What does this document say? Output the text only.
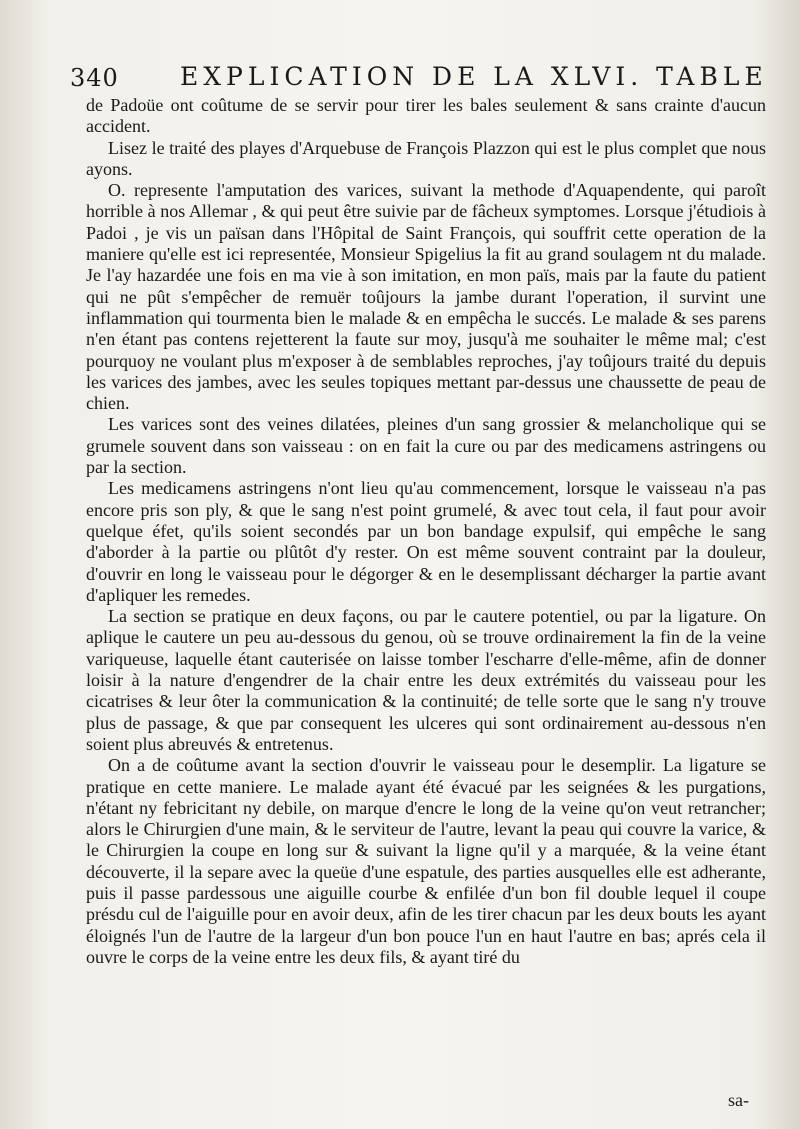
340 EXPLICATION DE LA XLVI. TABLE

de Padoüe ont coûtume de se servir pour tirer les bales seulement & sans crainte d'aucun accident.

Lisez le traité des playes d'Arquebuse de François Plazzon qui est le plus complet que nous ayons.

O. represente l'amputation des varices, suivant la methode d'Aquapendente, qui paroît horrible à nos Allemar , & qui peut être suivie par de fâcheux symptomes. Lorsque j'étudiois à Padoi , je vis un païsan dans l'Hôpital de Saint François, qui souffrit cette operation de la maniere qu'elle est ici representée, Monsieur Spigelius la fit au grand soulagem nt du malade. Je l'ay hazardée une fois en ma vie à son imitation, en mon païs, mais par la faute du patient qui ne pût s'empêcher de remuër toûjours la jambe durant l'operation, il survint une inflammation qui tourmenta bien le malade & en empêcha le succés. Le malade & ses parens n'en étant pas contens rejetterent la faute sur moy, jusqu'à me souhaiter le même mal; c'est pourquoy ne voulant plus m'exposer à de semblables reproches, j'ay toûjours traité du depuis les varices des jambes, avec les seules topiques mettant par-dessus une chaussette de peau de chien.

Les varices sont des veines dilatées, pleines d'un sang grossier & melancholique qui se grumele souvent dans son vaisseau : on en fait la cure ou par des medicamens astringens ou par la section.

Les medicamens astringens n'ont lieu qu'au commencement, lorsque le vaisseau n'a pas encore pris son ply, & que le sang n'est point grumelé, & avec tout cela, il faut pour avoir quelque éfet, qu'ils soient secondés par un bon bandage expulsif, qui empêche le sang d'aborder à la partie ou plûtôt d'y rester. On est même souvent contraint par la douleur, d'ouvrir en long le vaisseau pour le dégorger & en le desemplissant décharger la partie avant d'apliquer les remedes.

La section se pratique en deux façons, ou par le cautere potentiel, ou par la ligature. On aplique le cautere un peu au-dessous du genou, où se trouve ordinairement la fin de la veine variqueuse, laquelle étant cauterisée on laisse tomber l'escharre d'elle-même, afin de donner loisir à la nature d'engendrer de la chair entre les deux extrémités du vaisseau pour les cicatrises & leur ôter la communication & la continuité; de telle sorte que le sang n'y trouve plus de passage, & que par consequent les ulceres qui sont ordinairement au-dessous n'en soient plus abreuvés & entretenus.

On a de coûtume avant la section d'ouvrir le vaisseau pour le desemplir. La ligature se pratique en cette maniere. Le malade ayant été évacué par les seignées & les purgations, n'étant ny febricitant ny debile, on marque d'encre le long de la veine qu'on veut retrancher; alors le Chirurgien d'une main, & le serviteur de l'autre, levant la peau qui couvre la varice, & le Chirurgien la coupe en long sur & suivant la ligne qu'il y a marquée, & la veine étant découverte, il la separe avec la queüe d'une espatule, des parties ausquelles elle est adherante, puis il passe pardessous une aiguille courbe & enfilée d'un bon fil double lequel il coupe présdu cul de l'aiguille pour en avoir deux, afin de les tirer chacun par les deux bouts les ayant éloignés l'un de l'autre de la largeur d'un bon pouce l'un en haut l'autre en bas; aprés cela il ouvre le corps de la veine entre les deux fils, & ayant tiré du

sa-
